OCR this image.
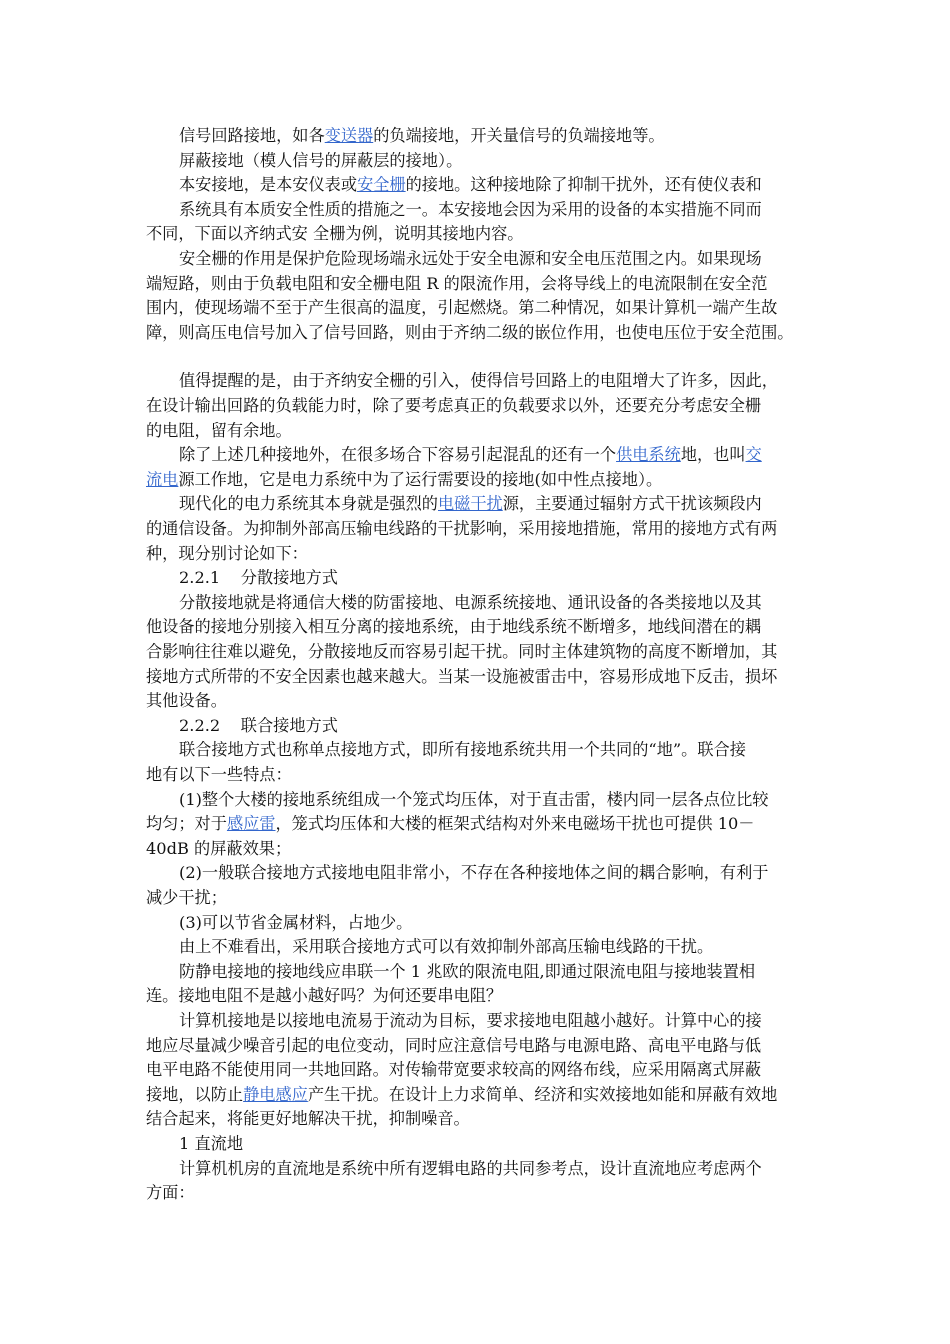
信号回路接地，如各变送器的负端接地，开关量信号的负端接地等。
屏蔽接地（模人信号的屏蔽层的接地）。
本安接地，是本安仪表或安全栅的接地。这种接地除了抑制干扰外，还有使仪表和
系统具有本质安全性质的措施之一。本安接地会因为采用的设备的本实措施不同而
不同，下面以齐纳式安 全栅为例，说明其接地内容。
安全栅的作用是保护危险现场端永远处于安全电源和安全电压范围之内。如果现场
端短路，则由于负载电阻和安全栅电阻 R 的限流作用，会将导线上的电流限制在安全范
围内，使现场端不至于产生很高的温度，引起燃烧。第二种情况，如果计算机一端产生故
障，则高压电信号加入了信号回路，则由于齐纳二级的嵌位作用，也使电压位于安全范围。
值得提醒的是，由于齐纳安全栅的引入，使得信号回路上的电阻增大了许多，因此，
在设计输出回路的负载能力时，除了要考虑真正的负载要求以外，还要充分考虑安全栅
的电阻，留有余地。
除了上述几种接地外，在很多场合下容易引起混乱的还有一个供电系统地，也叫交
流电源工作地，它是电力系统中为了运行需要设的接地(如中性点接地）。
现代化的电力系统其本身就是强烈的电磁干扰源，主要通过辐射方式干扰该频段内
的通信设备。为抑制外部高压输电线路的干扰影响，采用接地措施，常用的接地方式有两
种，现分别讨论如下：
2.2.1    分散接地方式
分散接地就是将通信大楼的防雷接地、电源系统接地、通讯设备的各类接地以及其
他设备的接地分别接入相互分离的接地系统，由于地线系统不断增多，地线间潜在的耦
合影响往往难以避免，分散接地反而容易引起干扰。同时主体建筑物的高度不断增加，其
接地方式所带的不安全因素也越来越大。当某一设施被雷击中，容易形成地下反击，损坏
其他设备。
2.2.2    联合接地方式
联合接地方式也称单点接地方式，即所有接地系统共用一个共同的“地”。联合接
地有以下一些特点：
(1)整个大楼的接地系统组成一个笼式均压体，对于直击雷，楼内同一层各点位比较
均匀；对于感应雷，笼式均压体和大楼的框架式结构对外来电磁场干扰也可提供 10－
40dB 的屏蔽效果；
(2)一般联合接地方式接地电阻非常小，不存在各种接地体之间的耦合影响，有利于
减少干扰；
(3)可以节省金属材料，占地少。
由上不难看出，采用联合接地方式可以有效抑制外部高压输电线路的干扰。
防静电接地的接地线应串联一个 1 兆欧的限流电阻,即通过限流电阻与接地装置相
连。接地电阻不是越小越好吗？为何还要串电阻？
计算机接地是以接地电流易于流动为目标，要求接地电阻越小越好。计算中心的接
地应尽量减少噪音引起的电位变动，同时应注意信号电路与电源电路、高电平电路与低
电平电路不能使用同一共地回路。对传输带宽要求较高的网络布线，应采用隔离式屏蔽
接地，以防止静电感应产生干扰。在设计上力求简单、经济和实效接地如能和屏蔽有效地
结合起来，将能更好地解决干扰，抑制噪音。
1 直流地
计算机机房的直流地是系统中所有逻辑电路的共同参考点，设计直流地应考虑两个
方面：
